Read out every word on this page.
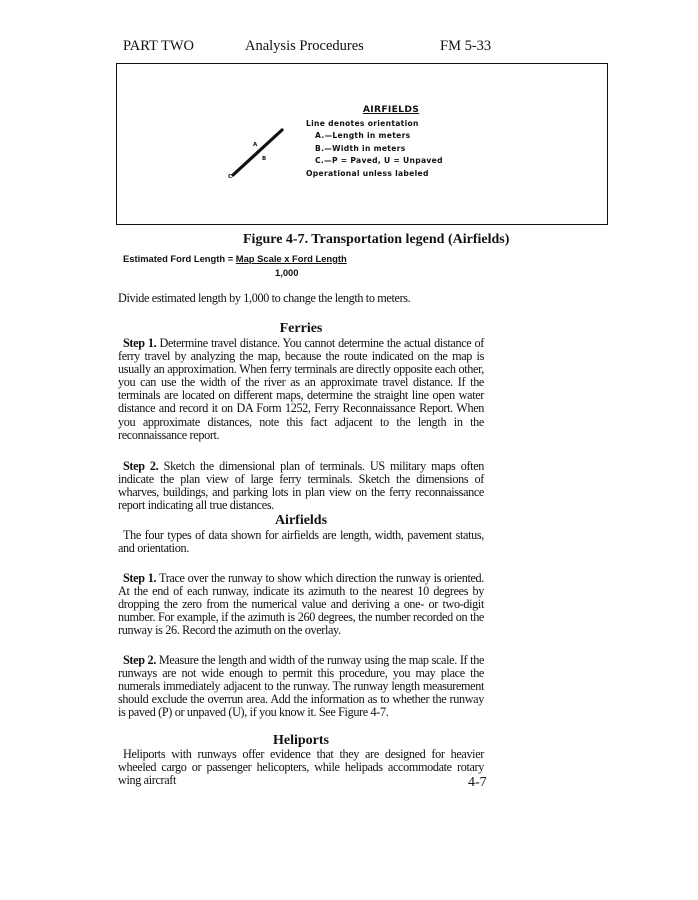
PART TWO	Analysis Procedures	FM 5-33
A
B
C
AIRFIELDS
Line denotes orientation
A.—Length in meters
B.—Width in meters
C.—P = Paved, U = Unpaved
Operational unless labeled
Figure 4-7. Transportation legend (Airfields)
Estimated Ford Length = Map Scale x Ford Length
1,000
Divide estimated length by 1,000 to change the length to meters.
Ferries
Step 1. Determine travel distance. You cannot determine the actual distance of ferry travel by analyzing the map, because the route indicated on the map is usually an approximation. When ferry terminals are directly opposite each other, you can use the width of the river as an approximate travel distance. If the terminals are located on different maps, determine the straight line open water distance and record it on DA Form 1252, Ferry Reconnaissance Report. When you approximate distances, note this fact adjacent to the length in the reconnaissance report.
Step 2. Sketch the dimensional plan of terminals. US military maps often indicate the plan view of large ferry terminals. Sketch the dimensions of wharves, buildings, and parking lots in plan view on the ferry reconnaissance report indicating all true distances.
Airfields
The four types of data shown for airfields are length, width, pavement status, and orientation.
Step 1. Trace over the runway to show which direction the runway is oriented. At the end of each runway, indicate its azimuth to the nearest 10 degrees by dropping the zero from the numerical value and deriving a one- or two-digit number. For example, if the azimuth is 260 degrees, the number recorded on the runway is 26. Record the azimuth on the overlay.
Step 2. Measure the length and width of the runway using the map scale. If the runways are not wide enough to permit this procedure, you may place the numerals immediately adjacent to the runway. The runway length measurement should exclude the overrun area. Add the information as to whether the runway is paved (P) or unpaved (U), if you know it. See Figure 4-7.
Heliports
Heliports with runways offer evidence that they are designed for heavier wheeled cargo or passenger helicopters, while helipads accommodate rotary wing aircraft	4-7
